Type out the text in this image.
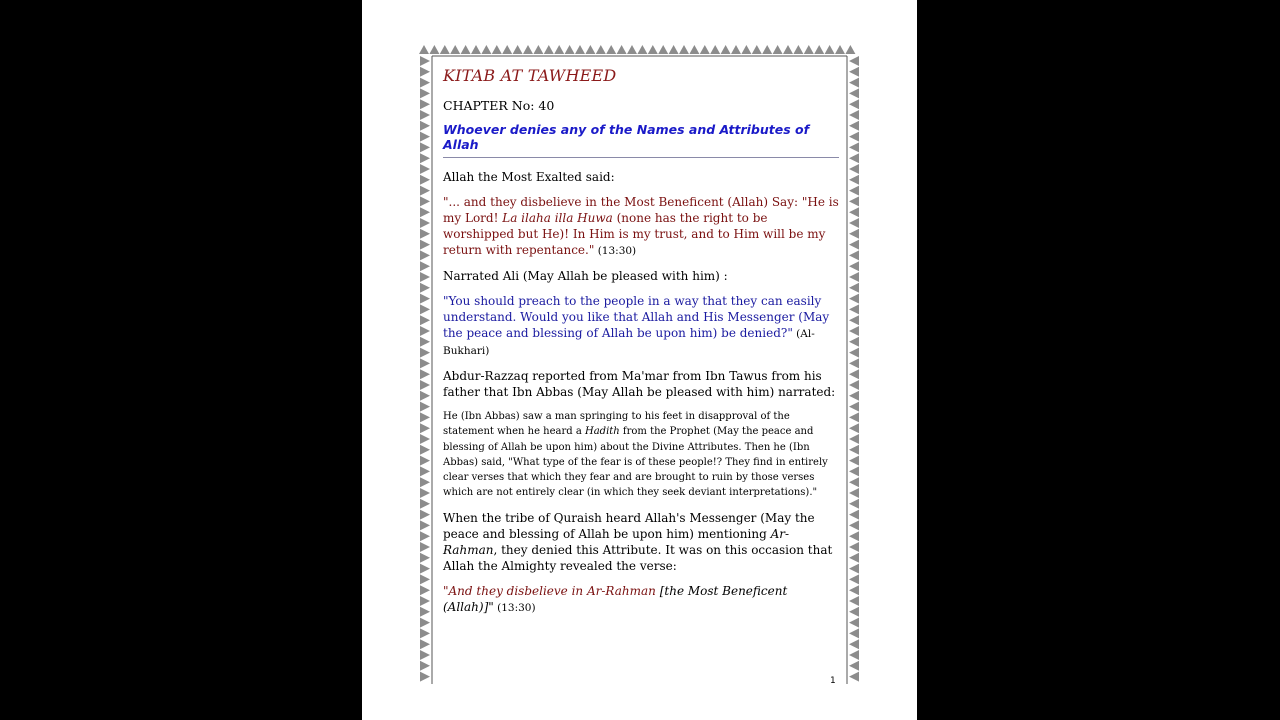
KITAB AT TAWHEED
CHAPTER No: 40
Whoever denies any of the Names and Attributes of Allah

Allah the Most Exalted said:

"... and they disbelieve in the Most Beneficent (Allah) Say: "He is my Lord! La ilaha illa Huwa (none has the right to be worshipped but He)! In Him is my trust, and to Him will be my return with repentance." (13:30)

Narrated Ali (May Allah be pleased with him) :

"You should preach to the people in a way that they can easily understand. Would you like that Allah and His Messenger (May the peace and blessing of Allah be upon him) be denied?" (Al-Bukhari)

Abdur-Razzaq reported from Ma'mar from Ibn Tawus from his father that Ibn Abbas (May Allah be pleased with him) narrated:

He (Ibn Abbas) saw a man springing to his feet in disapproval of the statement when he heard a Hadith from the Prophet (May the peace and blessing of Allah be upon him) about the Divine Attributes. Then he (Ibn Abbas) said, "What type of the fear is of these people!? They find in entirely clear verses that which they fear and are brought to ruin by those verses which are not entirely clear (in which they seek deviant interpretations)."

When the tribe of Quraish heard Allah's Messenger (May the peace and blessing of Allah be upon him) mentioning Ar-Rahman, they denied this Attribute. It was on this occasion that Allah the Almighty revealed the verse:

"And they disbelieve in Ar-Rahman [the Most Beneficent (Allah)]" (13:30)

1
